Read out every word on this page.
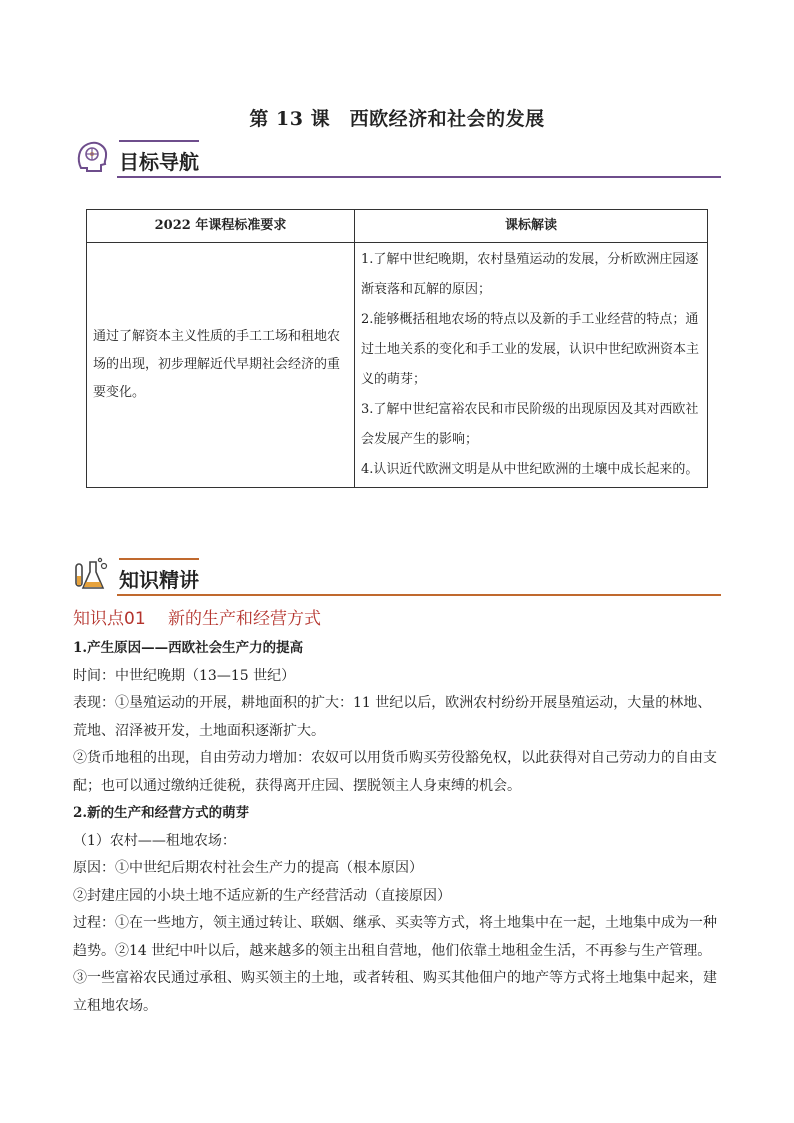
第 13 课　西欧经济和社会的发展
目标导航
2022 年课程标准要求	课标解读
通过了解资本主义性质的手工工场和租地农场的出现，初步理解近代早期社会经济的重要变化。	1.了解中世纪晚期，农村垦殖运动的发展，分析欧洲庄园逐渐衰落和瓦解的原因；

2.能够概括租地农场的特点以及新的手工业经营的特点；通过土地关系的变化和手工业的发展，认识中世纪欧洲资本主义的萌芽；

3.了解中世纪富裕农民和市民阶级的出现原因及其对西欧社会发展产生的影响；

4.认识近代欧洲文明是从中世纪欧洲的土壤中成长起来的。

知识精讲
知识点01　 新的生产和经营方式

1.产生原因——西欧社会生产力的提高

时间：中世纪晚期（13—15 世纪）

表现：①垦殖运动的开展，耕地面积的扩大：11 世纪以后，欧洲农村纷纷开展垦殖运动，大量的林地、荒地、沼泽被开发，土地面积逐渐扩大。

②货币地租的出现，自由劳动力增加：农奴可以用货币购买劳役豁免权，以此获得对自己劳动力的自由支配；也可以通过缴纳迁徙税，获得离开庄园、摆脱领主人身束缚的机会。

2.新的生产和经营方式的萌芽

（1）农村——租地农场：

原因：①中世纪后期农村社会生产力的提高（根本原因）

②封建庄园的小块土地不适应新的生产经营活动（直接原因）

过程：①在一些地方，领主通过转让、联姻、继承、买卖等方式，将土地集中在一起，土地集中成为一种趋势。②14 世纪中叶以后，越来越多的领主出租自营地，他们依靠土地租金生活，不再参与生产管理。③一些富裕农民通过承租、购买领主的土地，或者转租、购买其他佃户的地产等方式将土地集中起来，建立租地农场。
